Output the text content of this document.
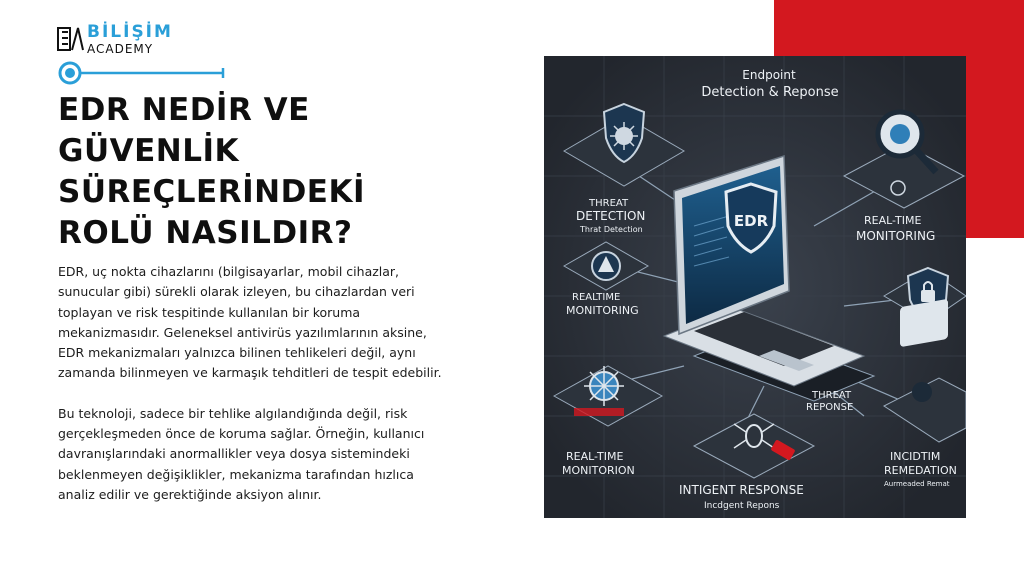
BİLİŞİM
ACADEMY
EDR NEDİR VE GÜVENLİK SÜREÇLERİNDEKİ ROLÜ NASILDIR?

EDR, uç nokta cihazlarını (bilgisayarlar, mobil cihazlar, sunucular gibi) sürekli olarak izleyen, bu cihazlardan veri toplayan ve risk tespitinde kullanılan bir koruma mekanizmasıdır. Geleneksel antivirüs yazılımlarının aksine, EDR mekanizmaları yalnızca bilinen tehlikeleri değil, aynı zamanda bilinmeyen ve karmaşık tehditleri de tespit edebilir.

Bu teknoloji, sadece bir tehlike algılandığında değil, risk gerçekleşmeden önce de koruma sağlar. Örneğin, kullanıcı davranışlarındaki anormallikler veya dosya sistemindeki beklenmeyen değişiklikler, mekanizma tarafından hızlıca analiz edilir ve gerektiğinde aksiyon alınır.

Endpoint
Detection & Reponse
THREAT
DETECTION
Thrat Detection
REAL-TIME
MONITORING
REALTIME
MONITORING
EDR
REAL-TIME
MONITORION
INTIGENT RESPONSE
Incdgent Repons
THREAT
REPONSE
INCIDTIM
REMEDATION
Aurmeaded Remat
